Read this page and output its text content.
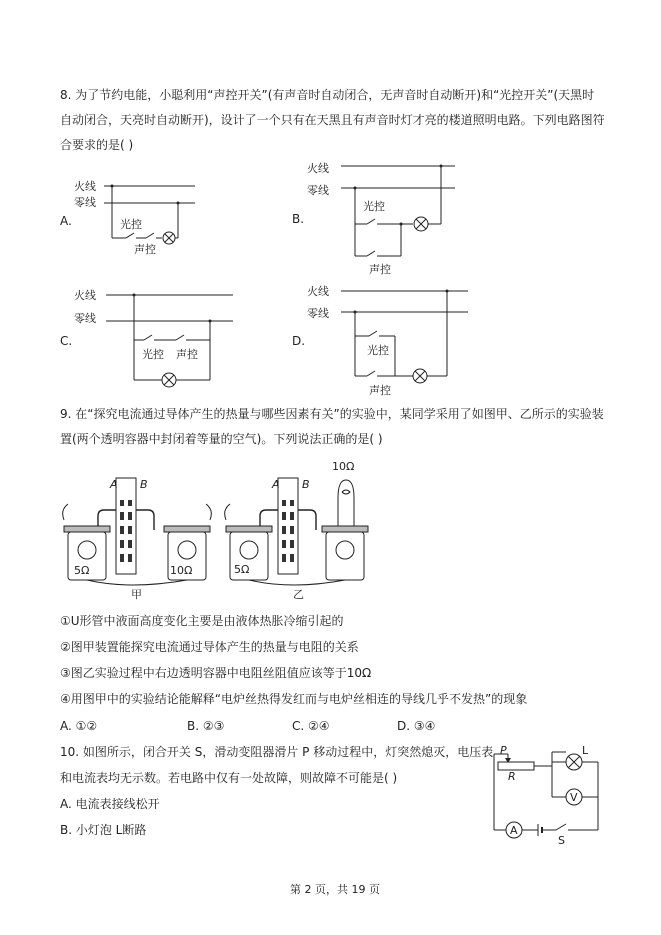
8. 为了节约电能，小聪利用“声控开关”(有声音时自动闭合，无声音时自动断开)和“光控开关”(天黑时
自动闭合，天亮时自动断开)，设计了一个只有在天黑且有声音时灯才亮的楼道照明电路。下列电路图符
合要求的是( )
A.
火线
零线
光控
声控
B.
火线
零线
光控
声控
C.
火线
零线
光控 声控
D.
火线
零线
光控
声控
9. 在“探究电流通过导体产生的热量与哪些因素有关”的实验中，某同学采用了如图甲、乙所示的实验装
置(两个透明容器中封闭着等量的空气)。下列说法正确的是( )
A B
5Ω	10Ω
甲
A B
5Ω
10Ω
乙
①U形管中液面高度变化主要是由液体热胀冷缩引起的
②图甲装置能探究电流通过导体产生的热量与电阻的关系
③图乙实验过程中右边透明容器中电阻丝阻值应该等于10Ω
④用图甲中的实验结论能解释“电炉丝热得发红而与电炉丝相连的导线几乎不发热”的现象
A. ①②	B. ②③	C. ②④	D. ③④
10. 如图所示，闭合开关 S，滑动变阻器滑片 P 移动过程中，灯突然熄灭，电压表
和电流表均无示数。若电路中仅有一处故障，则故障不可能是( )
A. 电流表接线松开
B. 小灯泡 L断路
P
R
L
V
A
S
第 2 页，共 19 页
